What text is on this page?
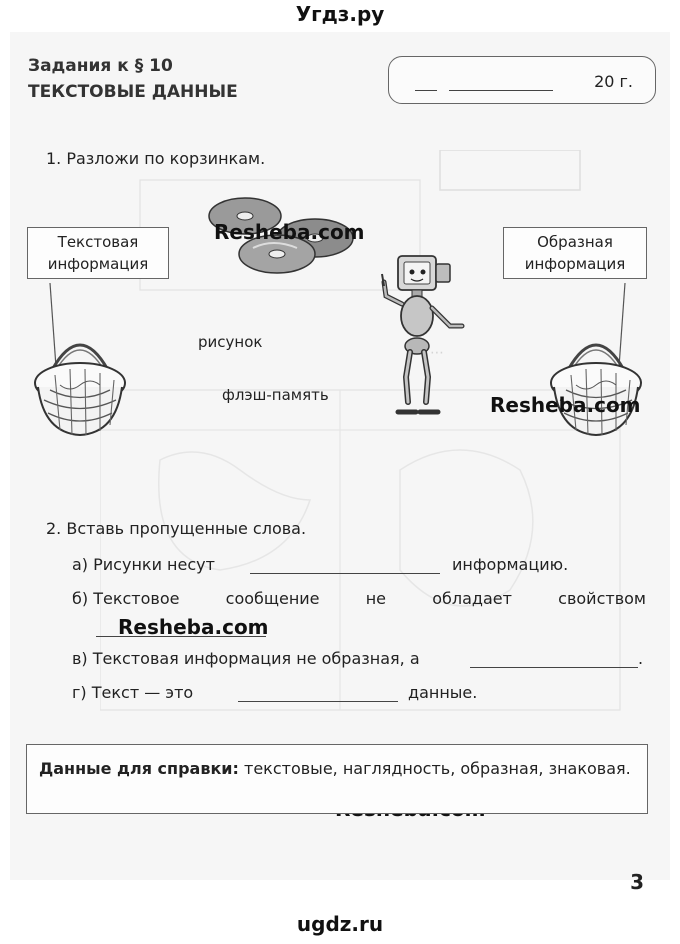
Угдз.ру
Задания к § 10
ТЕКСТОВЫЕ ДАННЫЕ
20 г.
1. Разложи по корзинкам.
Текстовая
информация
Образная
информация
рисунок
флэш-память
⋯
Resheba.com
Resheba.com
Resheba.com
2. Вставь пропущенные слова.
а) Рисунки несут	информацию.
б) Текстовое	сообщение	не	обладает	свойством
в) Текстовая информация не образная, а	.
г) Текст — это	данные.
Данные для справки: текстовые, наглядность, образная, знаковая.
3
ugdz.ru
